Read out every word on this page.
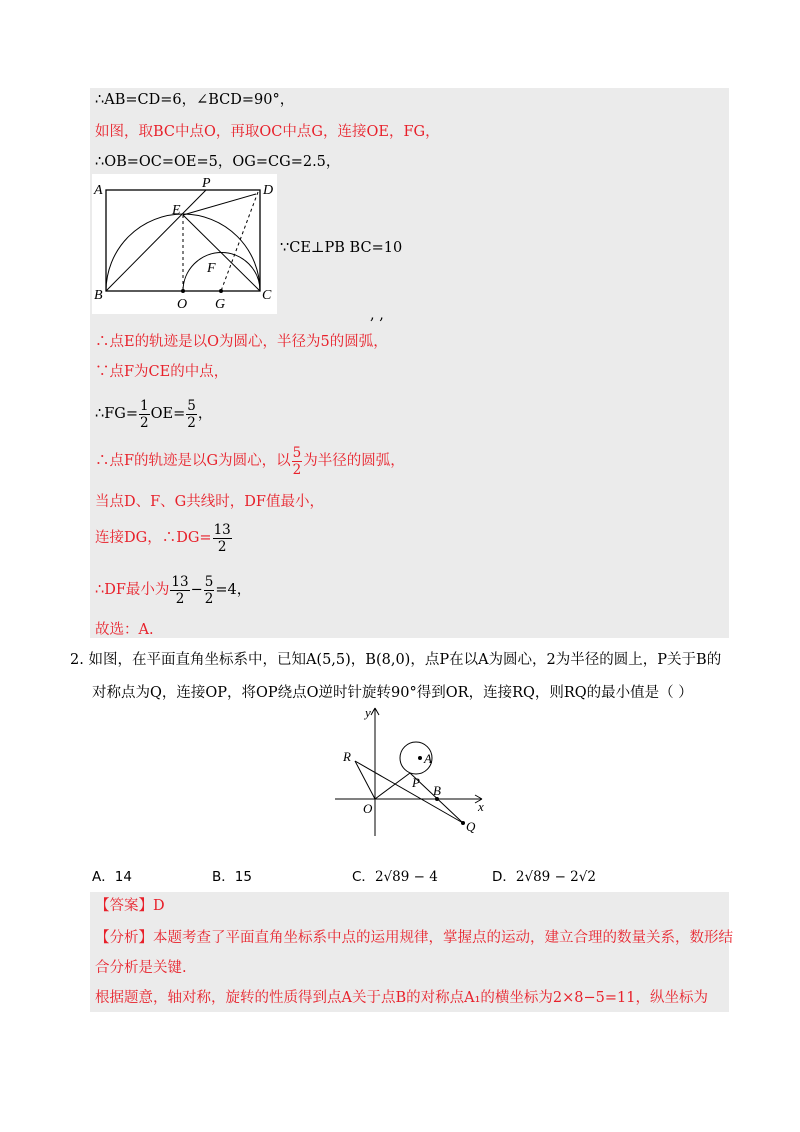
∴AB=CD=6，∠BCD=90°，
如图，取BC中点O，再取OC中点G，连接OE，FG，
∴OB=OC=OE=5，OG=CG=2.5，
A	P	D
E
F
B
O G
C
∵CE⊥PB BC=10
, ,
∴点E的轨迹是以O为圆心，半径为5的圆弧，
∵点F为CE的中点，
∴FG= $\frac{1}{2} OE= \frac{5}{2}$ ，
∴点F的轨迹是以G为圆心，以 $\frac{5}{2}$ 为半径的圆弧，
当点D、F、G共线时，DF值最小，
连接DG，∴DG= $\frac{13}{2}$
∴DF最小为 $\frac{13}{2} - \frac{5}{2} =4$，
故选：A.
2. 如图，在平面直角坐标系中，已知A(5,5)，B(8,0)，点P在以A为圆心，2为半径的圆上，P关于B的
对称点为Q，连接OP，将OP绕点O逆时针旋转90°得到OR，连接RQ，则RQ的最小值是（ ）
y
x
R	A
P
B
O
Q
A．14	B．15	C．2√89 − 4	D．2√89 − 2√2
【答案】D
【分析】本题考查了平面直角坐标系中点的运用规律，掌握点的运动，建立合理的数量关系，数形结
合分析是关键.
根据题意，轴对称，旋转的性质得到点A关于点B的对称点A₁的横坐标为2×8−5=11，纵坐标为
